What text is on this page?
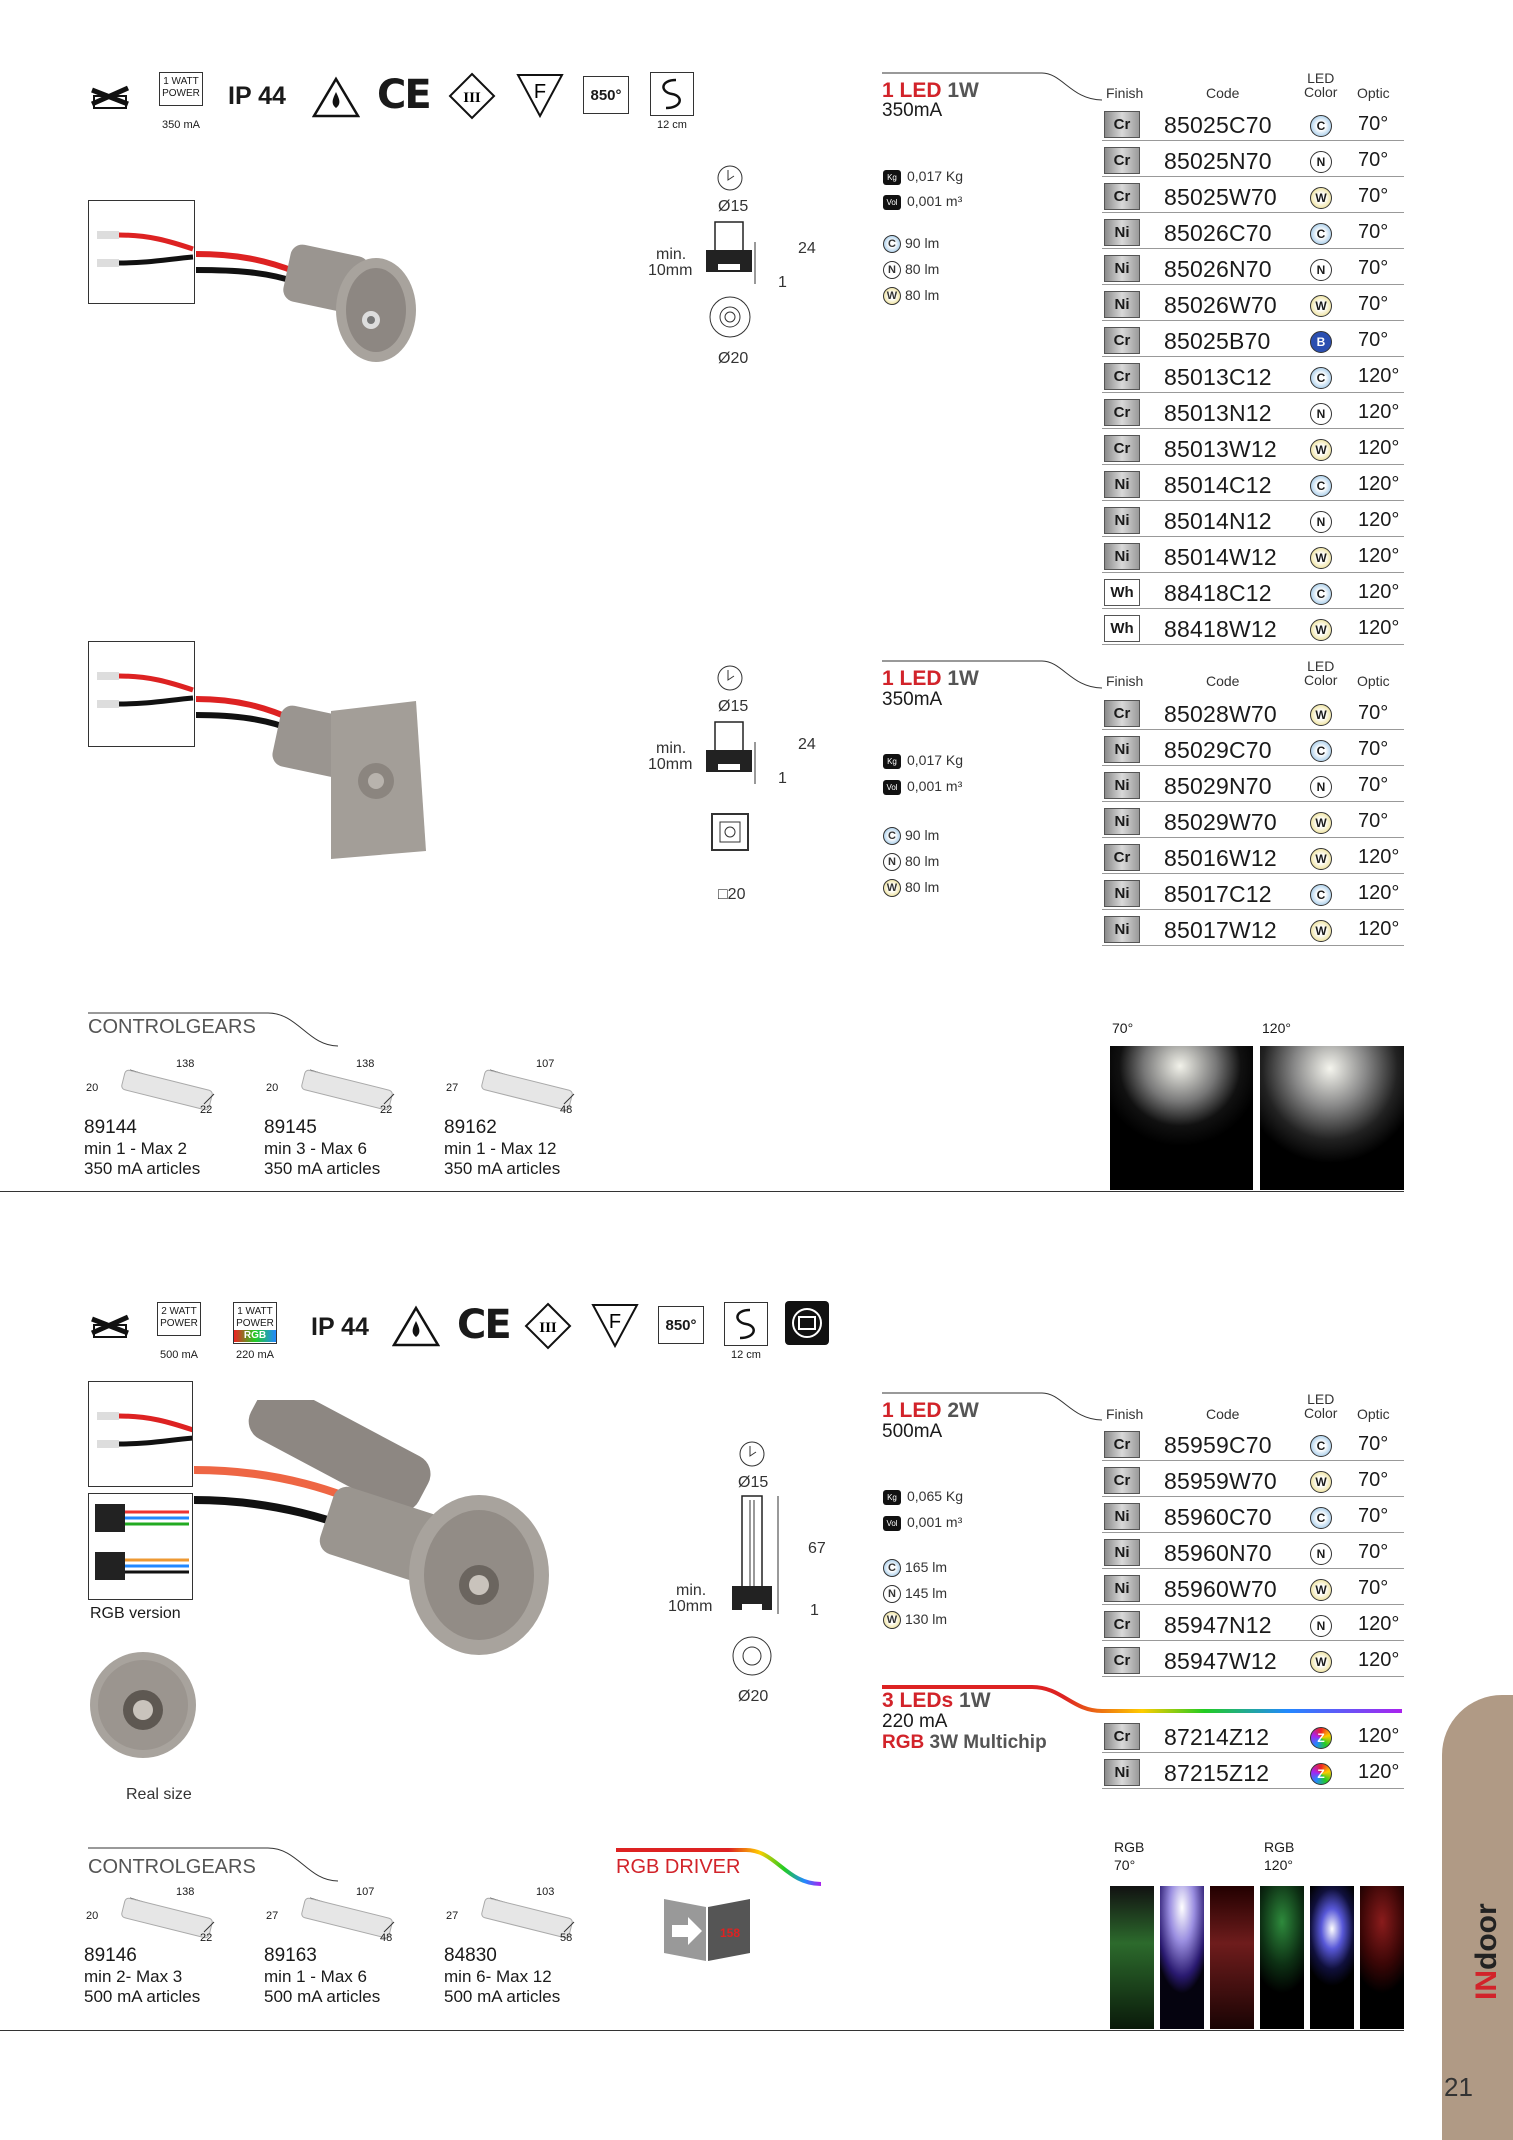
1 WATT
POWER
350 mA
IP 44 CE III	F	850°
12 cm
Ø15
min.
10mm
24
1
Ø20
1 LED 1W
350mA
Finish	Code
LED
Color Optic
Cr	85025C70	C	70°
Cr	85025N70	N	70°
Cr	85025W70	W 70°
Ni	85026C70	C	70°
Ni	85026N70	N	70°
Ni	85026W70	W 70°
Cr	85025B70	B	70°
Cr	85013C12	C	120°
Cr	85013N12	N	120°
Cr	85013W12	W 120°
Ni	85014C12	C	120°
Ni	85014N12	N	120°
Ni	85014W12	W 120°
Wh 88418C12	C	120°
Wh 88418W12	W 120°
Kg 0,017 Kg
Vol 0,001 m³
C 90 lm
N 80 lm
W 80 lm
Ø15
min.
10mm
24
1
□20
1 LED 1W
350mA
Finish	Code
LED
Color Optic
Cr	85028W70	W 70°
Ni	85029C70	C	70°
Ni	85029N70	N	70°
Ni	85029W70	W 70°
Cr	85016W12	W 120°
Ni	85017C12	C	120°
Ni	85017W12	W 120°
Kg 0,017 Kg
Vol 0,001 m³
C 90 lm
N 80 lm
W 80 lm
CONTROLGEARS
138
20
22
89144
min 1 - Max 2
350 mA articles
138
20
22
89145
min 3 - Max 6
350 mA articles
107
27
48
89162
min 1 - Max 12
350 mA articles
70°	120°
2 WATT
POWER
500 mA
1 WATT
POWER
RGB
220 mA
IP 44 CE III	F	850°
12 cm
RGB version
Real size
Ø15
min.
10mm
67
1
Ø20
1 LED 2W
500mA
Finish	Code
LED
Color Optic
Cr	85959C70	C	70°
Cr	85959W70	W 70°
Ni	85960C70	C	70°
Ni	85960N70	N	70°
Ni	85960W70	W 70°
Cr	85947N12	N	120°
Cr	85947W12	W 120°
Kg 0,065 Kg
Vol 0,001 m³
C 165 lm
N 145 lm
W 130 lm
3 LEDs 1W
220 mA
RGB 3W Multichip	Cr	87214Z12	Z	120°
Ni	87215Z12	Z	120°
CONTROLGEARS
138
20
22
89146
min 2- Max 3
500 mA articles
107
27
48
89163
min 1 - Max 6
500 mA articles
103
27
58
84830
min 6- Max 12
500 mA articles
RGB DRIVER
158
RGB
70°
RGB
120°
INdoor
21
